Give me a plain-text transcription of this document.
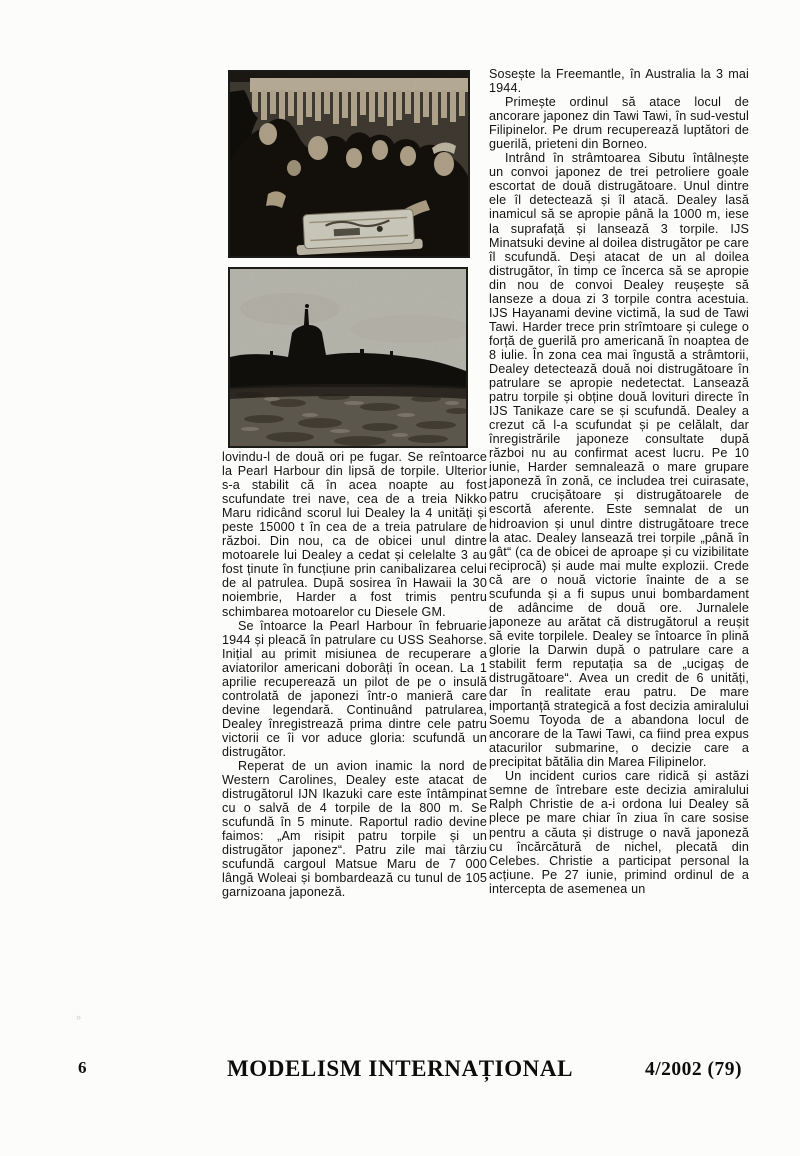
lovindu-l de două ori pe fugar. Se reîntoarce la Pearl Harbour din lipsă de torpile. Ulterior s-a stabilit că în acea noapte au fost scufundate trei nave, cea de a treia Nikko Maru ridicând scorul lui Dealey la 4 unități și peste 15000 t în cea de a treia patrulare de război. Din nou, ca de obicei unul dintre motoarele lui Dealey a cedat și celelalte 3 au fost ținute în funcțiune prin canibalizarea celui de al patrulea. După sosirea în Hawaii la 30 noiembrie, Harder a fost trimis pentru schimbarea motoarelor cu Diesele GM.

Se întoarce la Pearl Harbour în februarie 1944 și pleacă în patrulare cu USS Seahorse. Inițial au primit misiunea de recuperare a aviatorilor americani doborâți în ocean. La 1 aprilie recuperează un pilot de pe o insulă controlată de japonezi într-o manieră care devine legendară. Continuând patrularea, Dealey înregistrează prima dintre cele patru victorii ce îi vor aduce gloria: scufundă un distrugător.

Reperat de un avion inamic la nord de Western Carolines, Dealey este atacat de distrugătorul IJN Ikazuki care este întâmpinat cu o salvă de 4 torpile de la 800 m. Se scufundă în 5 minute. Raportul radio devine faimos: „Am risipit patru torpile și un distrugător japonez“. Patru zile mai târziu scufundă cargoul Matsue Maru de 7 000 lângă Woleai și bombardează cu tunul de 105 garnizoana japoneză.

Sosește la Freemantle, în Australia la 3 mai 1944.

Primește ordinul să atace locul de ancorare japonez din Tawi Tawi, în sud-vestul Filipinelor. Pe drum recuperează luptători de guerilă, prieteni din Borneo.

Intrând în strâmtoarea Sibutu întâlnește un convoi japonez de trei petroliere goale escortat de două distrugătoare. Unul dintre ele îl detectează și îl atacă. Dealey lasă inamicul să se apropie până la 1000 m, iese la suprafață și lansează 3 torpile. IJS Minatsuki devine al doilea distrugător pe care îl scufundă. Deși atacat de un al doilea distrugător, în timp ce încerca să se apropie din nou de convoi Dealey reușește să lanseze a doua zi 3 torpile contra acestuia. IJS Hayanami devine victimă, la sud de Tawi Tawi. Harder trece prin strîmtoare și culege o forță de guerilă pro americană în noaptea de 8 iulie. În zona cea mai îngustă a strâmtorii, Dealey detectează două noi distrugătoare în patrulare se apropie nedetectat. Lansează patru torpile și obține două lovituri directe în IJS Tanikaze care se și scufundă. Dealey a crezut că l-a scufundat și pe celălalt, dar înregistrările japoneze consultate după război nu au confirmat acest lucru. Pe 10 iunie, Harder semnalează o mare grupare japoneză în zonă, ce includea trei cuirasate, patru crucișătoare și distrugătoarele de escortă aferente. Este semnalat de un hidroavion și unul dintre distrugătoare trece la atac. Dealey lansează trei torpile „până în gât“ (ca de obicei de aproape și cu vizibilitate reciprocă) și aude mai multe explozii. Crede că are o nouă victorie înainte de a se scufunda și a fi supus unui bombardament de adâncime de două ore. Jurnalele japoneze au arătat că distrugătorul a reușit să evite torpilele. Dealey se întoarce în plină glorie la Darwin după o patrulare care a stabilit ferm reputația sa de „ucigaș de distrugătoare“. Avea un credit de 6 unități, dar în realitate erau patru. De mare importanță strategică a fost decizia amiralului Soemu Toyoda de a abandona locul de ancorare de la Tawi Tawi, ca fiind prea expus atacurilor submarine, o decizie care a precipitat bătălia din Marea Filipinelor.

Un incident curios care ridică și astăzi semne de întrebare este decizia amiralului Ralph Christie de a-i ordona lui Dealey să plece pe mare chiar în ziua în care sosise pentru a căuta și distruge o navă japoneză cu încărcătură de nichel, plecată din Celebes. Christie a participat personal la acțiune. Pe 27 iunie, primind ordinul de a intercepta de asemenea un

»
6	MODELISM INTERNAȚIONAL	4/2002 (79)
